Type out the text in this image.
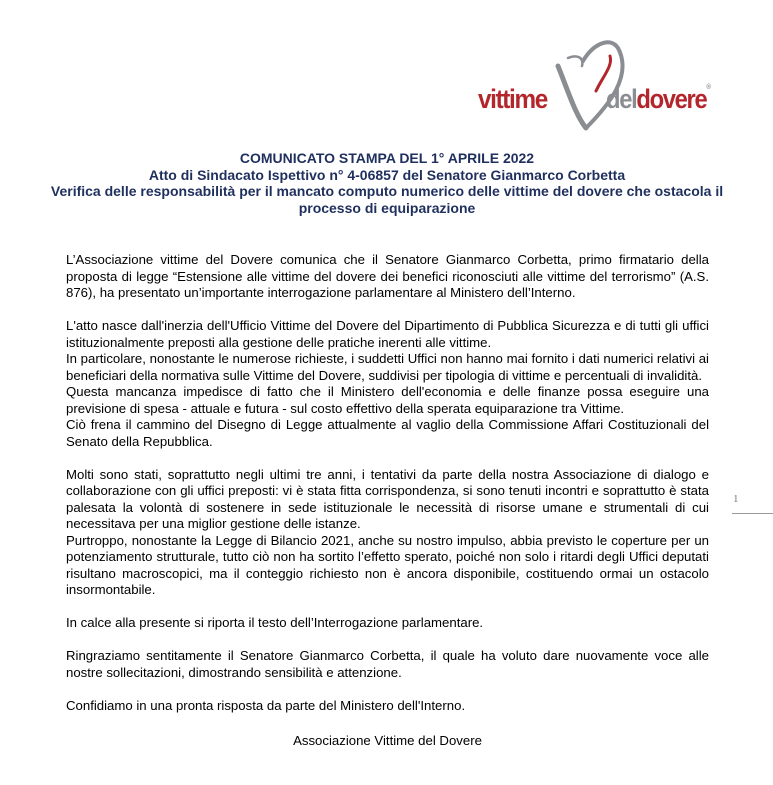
vittime deldovere®
COMUNICATO STAMPA DEL 1° APRILE 2022
Atto di Sindacato Ispettivo n° 4-06857 del Senatore Gianmarco Corbetta
Verifica delle responsabilità per il mancato computo numerico delle vittime del dovere che ostacola il processo di equiparazione

L’Associazione vittime del Dovere comunica che il Senatore Gianmarco Corbetta, primo firmatario della proposta di legge “Estensione alle vittime del dovere dei benefici riconosciuti alle vittime del terrorismo” (A.S. 876), ha presentato un’importante interrogazione parlamentare al Ministero dell’Interno.

L'atto nasce dall'inerzia dell'Ufficio Vittime del Dovere del Dipartimento di Pubblica Sicurezza e di tutti gli uffici istituzionalmente preposti alla gestione delle pratiche inerenti alle vittime.

In particolare, nonostante le numerose richieste, i suddetti Uffici non hanno mai fornito i dati numerici relativi ai beneficiari della normativa sulle Vittime del Dovere, suddivisi per tipologia di vittime e percentuali di invalidità.

Questa mancanza impedisce di fatto che il Ministero dell'economia e delle finanze possa eseguire una previsione di spesa - attuale e futura - sul costo effettivo della sperata equiparazione tra Vittime.

Ciò frena il cammino del Disegno di Legge attualmente al vaglio della Commissione Affari Costituzionali del Senato della Repubblica.

Molti sono stati, soprattutto negli ultimi tre anni, i tentativi da parte della nostra Associazione di dialogo e collaborazione con gli uffici preposti: vi è stata fitta corrispondenza, si sono tenuti incontri e soprattutto è stata palesata la volontà di sostenere in sede istituzionale le necessità di risorse umane e strumentali di cui necessitava per una miglior gestione delle istanze.

Purtroppo, nonostante la Legge di Bilancio 2021, anche su nostro impulso, abbia previsto le coperture per un potenziamento strutturale, tutto ciò non ha sortito l’effetto sperato, poiché non solo i ritardi degli Uffici deputati risultano macroscopici, ma il conteggio richiesto non è ancora disponibile, costituendo ormai un ostacolo insormontabile.

In calce alla presente si riporta il testo dell’Interrogazione parlamentare.

Ringraziamo sentitamente il Senatore Gianmarco Corbetta, il quale ha voluto dare nuovamente voce alle nostre sollecitazioni, dimostrando sensibilità e attenzione.

Confidiamo in una pronta risposta da parte del Ministero dell'Interno.

Associazione Vittime del Dovere

1
